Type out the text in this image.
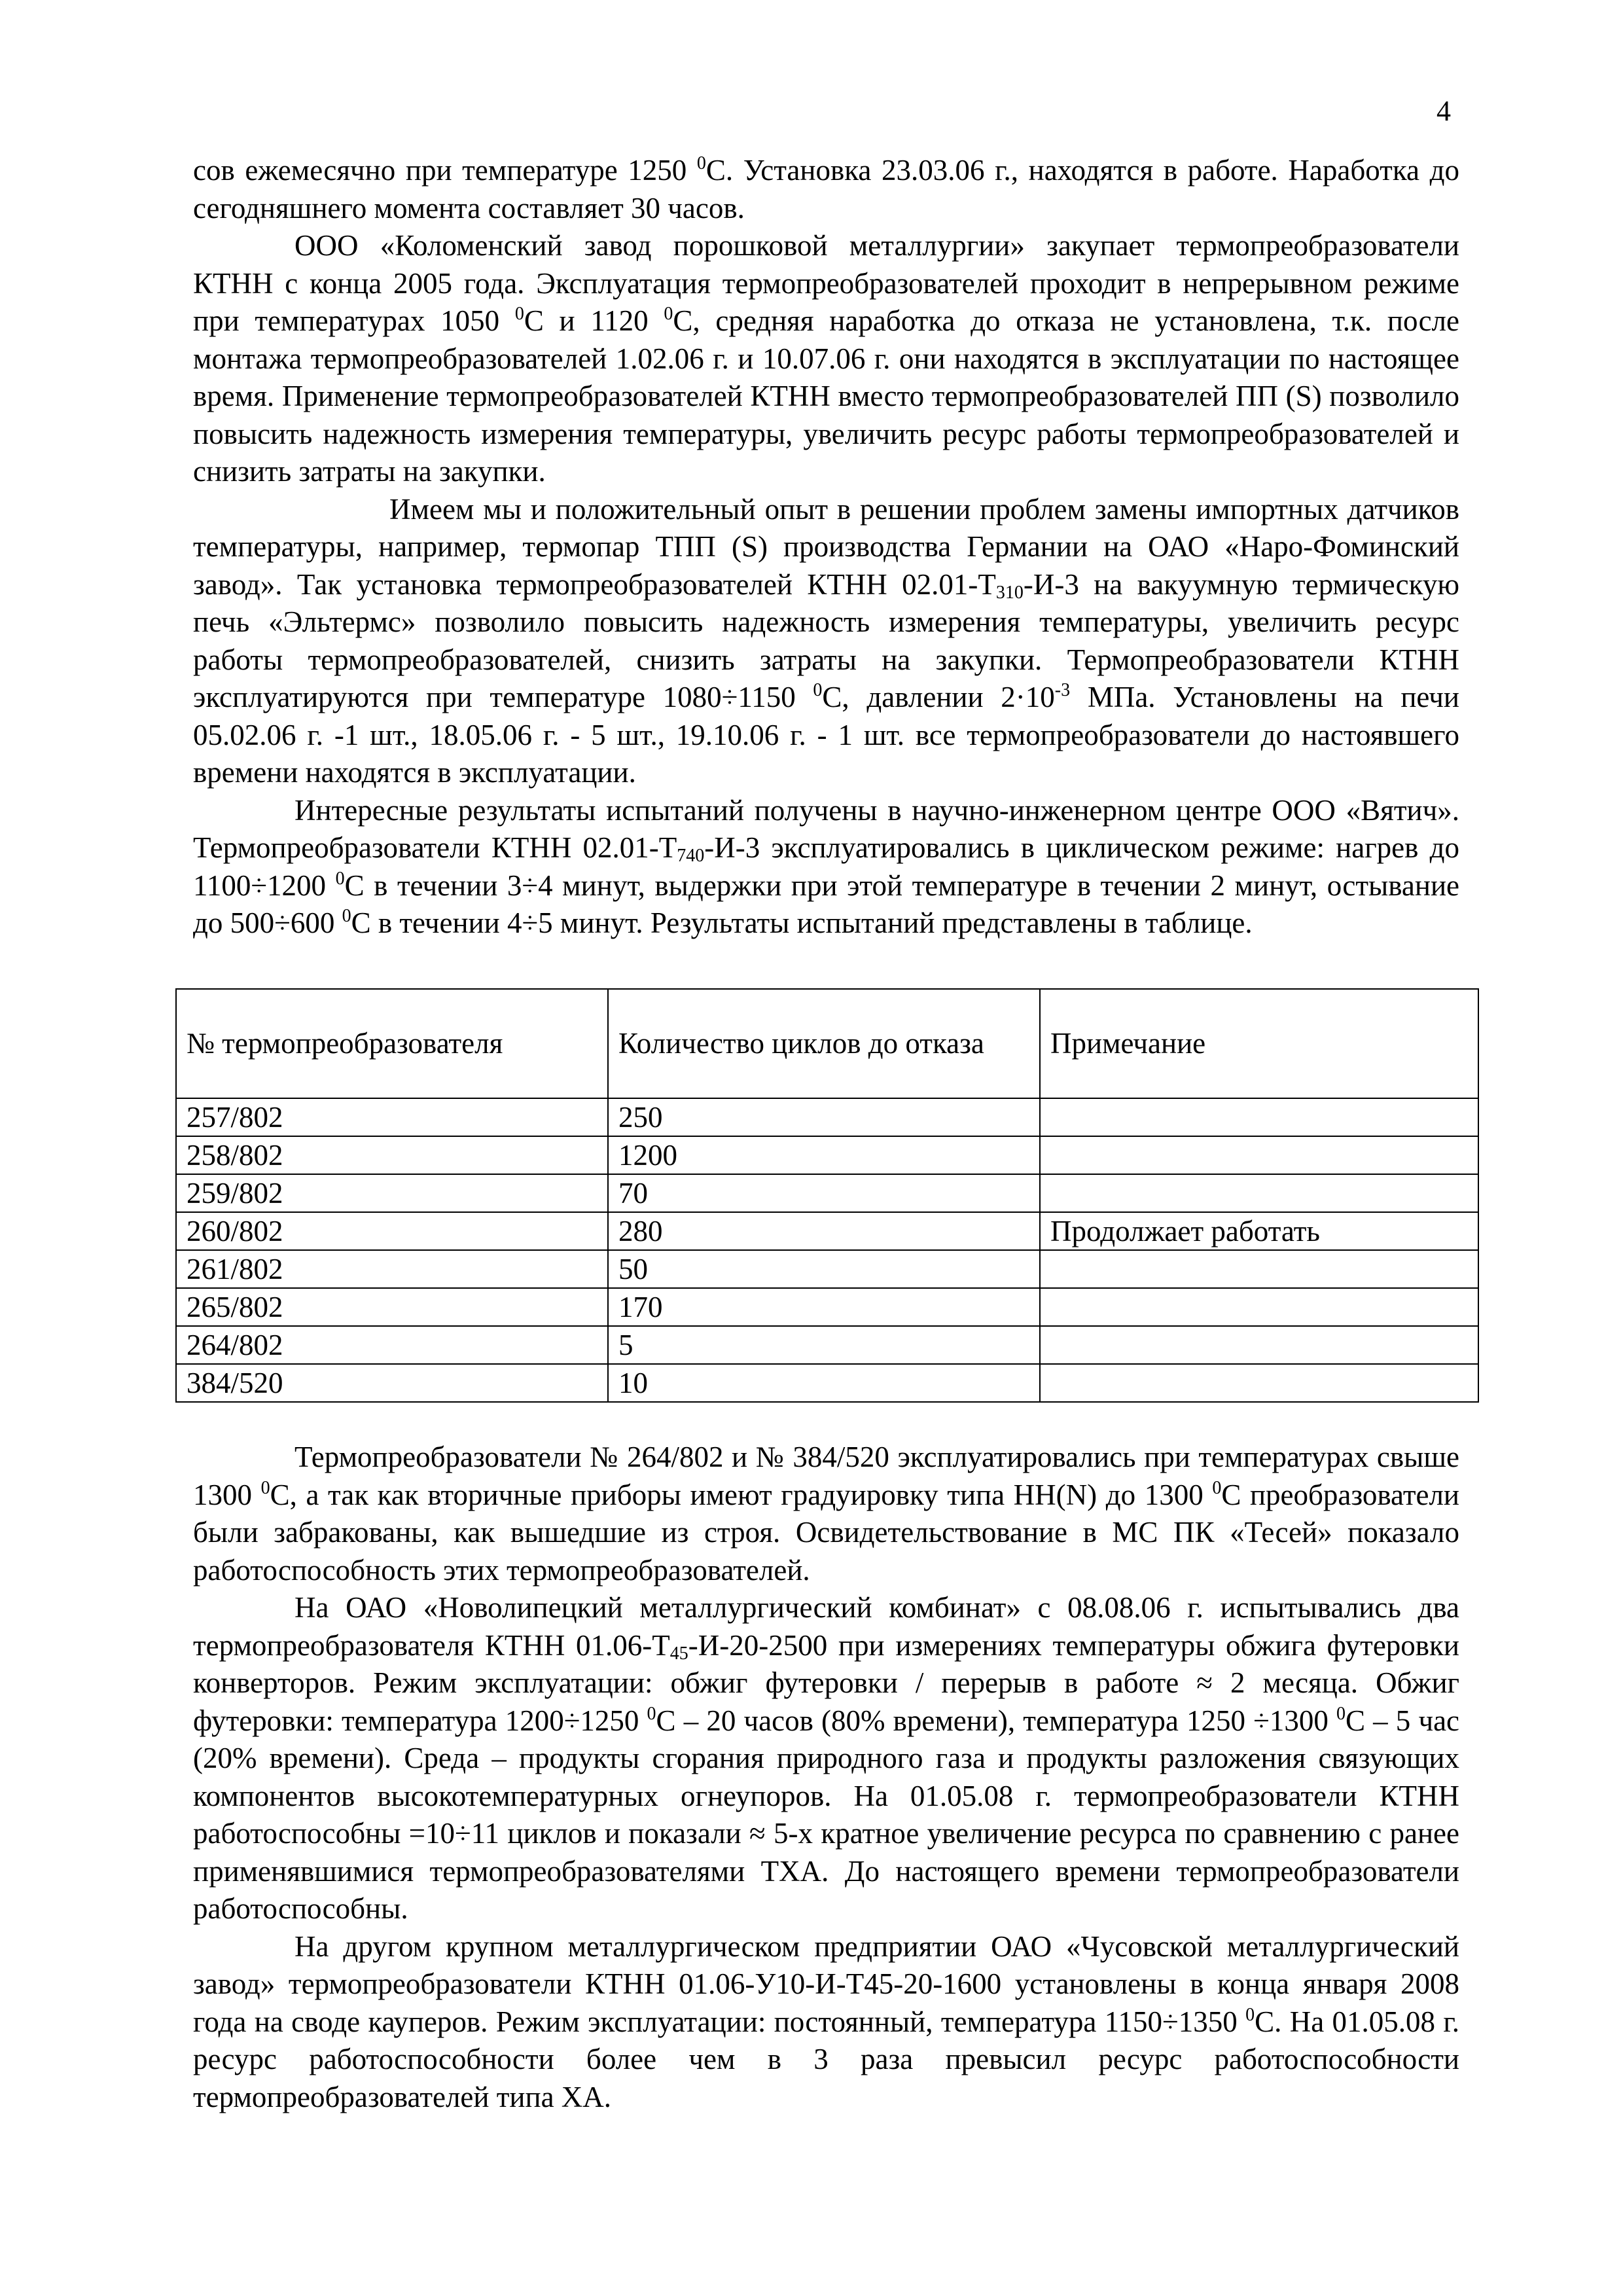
4

сов ежемесячно при температуре 1250 $^0$С. Установка 23.03.06 г., находятся в работе. Наработка до сегодняшнего момента составляет 30 часов.

ООО «Коломенский завод порошковой металлургии» закупает термопреобразователи КТНН с конца 2005 года. Эксплуатация термопреобразователей проходит в непрерывном режиме при температурах 1050 $^0$С и 1120 $^0$С, средняя наработка до отказа не установлена, т.к. после монтажа термопреобразователей 1.02.06 г. и 10.07.06 г. они находятся в эксплуатации по настоящее время. Применение термопреобразователей КТНН вместо термопреобразователей ПП (S) позволило повысить надежность измерения температуры, увеличить ресурс работы термопреобразователей и снизить затраты на закупки.

Имеем мы и положительный опыт в решении проблем замены импортных датчиков температуры, например, термопар ТПП (S) производства Германии на ОАО «Наро-Фоминский завод». Так установка термопреобразователей КТНН $02.01-Т_{310}-И-3$ на вакуумную термическую печь «Эльтермс» позволило повысить надежность измерения температуры, увеличить ресурс работы термопреобразователей, снизить затраты на закупки. Термопреобразователи КТНН эксплуатируются при температуре 1080÷1150 $^0$С, давлении $2\cdot 10^{-3}$ МПа. Установлены на печи 05.02.06 г. -1 шт., 18.05.06 г. - 5 шт., 19.10.06 г. - 1 шт. все термопреобразователи до настоявшего времени находятся в эксплуатации.

Интересные результаты испытаний получены в научно-инженерном центре ООО «Вятич». Термопреобразователи КТНН $02.01-Т_{740}-И-3$ эксплуатировались в циклическом режиме: нагрев до 1100÷1200 $^0$С в течении 3÷4 минут, выдержки при этой температуре в течении 2 минут, остывание до 500÷600 $^0$С в течении 4÷5 минут. Результаты испытаний представлены в таблице.

№ термопреобразователя	Количество циклов до отказа	Примечание
257/802	250	
258/802	1200	
259/802	70	
260/802	280	Продолжает работать
261/802	50	
265/802	170	
264/802	5	
384/520	10	

Термопреобразователи № 264/802 и № 384/520 эксплуатировались при температурах свыше 1300 $^0$С, а так как вторичные приборы имеют градуировку типа НН(N) до 1300 $^0$С преобразователи были забракованы, как вышедшие из строя. Освидетельствование в МС ПК «Тесей» показало работоспособность этих термопреобразователей.

На ОАО «Новолипецкий металлургический комбинат» с 08.08.06 г. испытывались два термопреобразователя КТНН $01.06-Т_{45}-И-20-2500$ при измерениях температуры обжига футеровки конверторов. Режим эксплуатации: обжиг футеровки / перерыв в работе ≈ 2 месяца. Обжиг футеровки: температура 1200÷1250 $^0$С – 20 часов (80% времени), температура 1250 ÷1300 $^0$С – 5 час (20% времени). Среда – продукты сгорания природного газа и продукты разложения связующих компонентов высокотемпературных огнеупоров. На 01.05.08 г. термопреобразователи КТНН работоспособны =10÷11 циклов и показали ≈ 5-х кратное увеличение ресурса по сравнению с ранее применявшимися термопреобразователями ТХА. До настоящего времени термопреобразователи работоспособны.

На другом крупном металлургическом предприятии ОАО «Чусовской металлургический завод» термопреобразователи КТНН 01.06-У10-И-Т45-20-1600 установлены в конца января 2008 года на своде кауперов. Режим эксплуатации: постоянный, температура 1150÷1350 $^0$С. На 01.05.08 г. ресурс работоспособности более чем в 3 раза превысил ресурс работоспособности термопреобразователей типа ХА.
